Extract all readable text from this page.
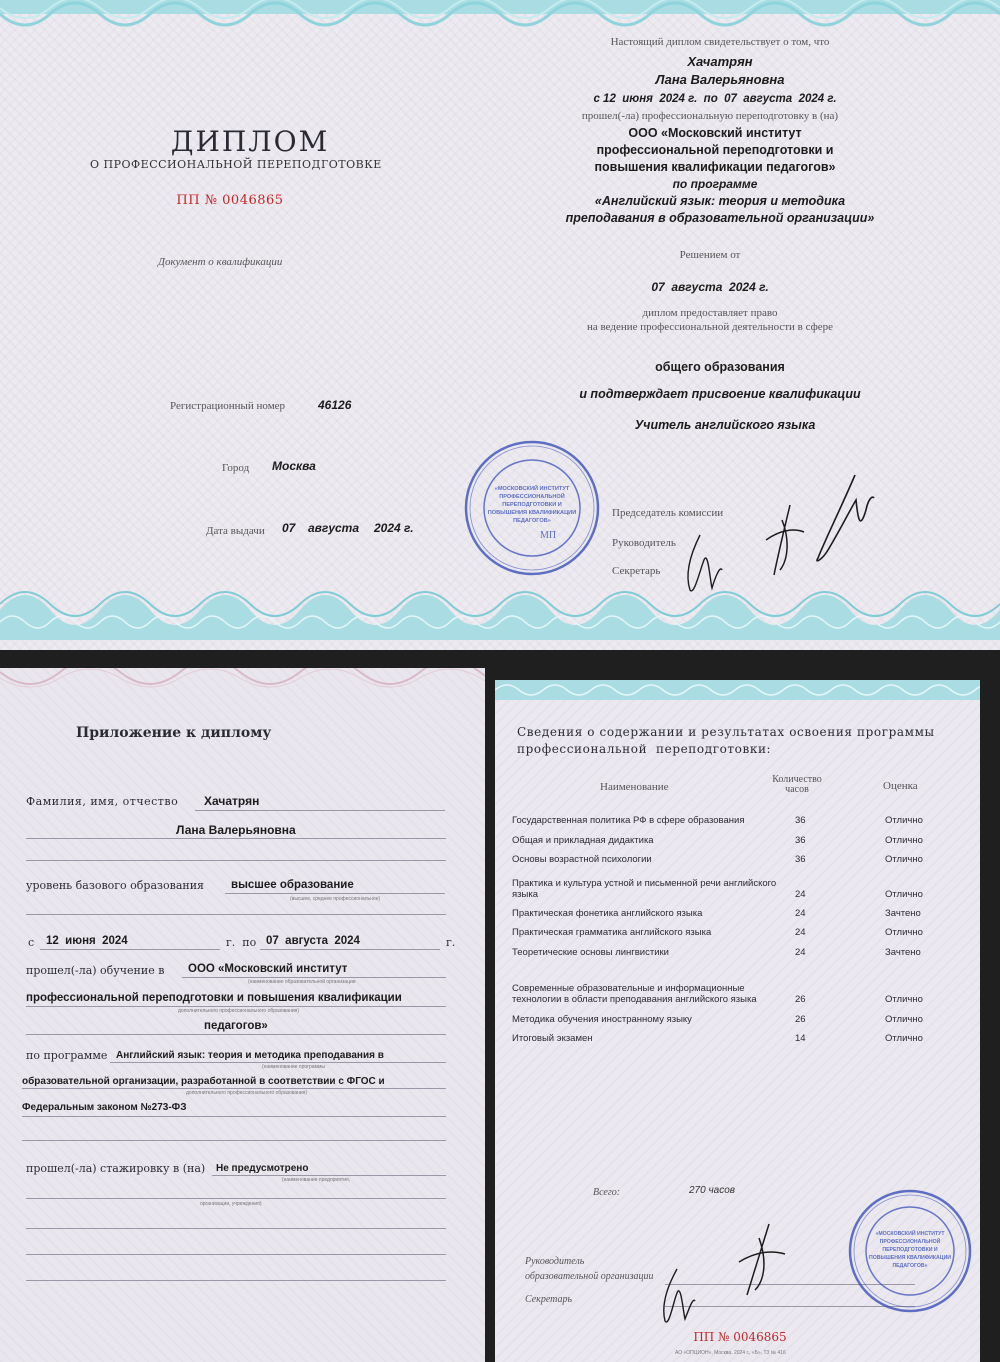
ДИПЛОМ
О ПРОФЕССИОНАЛЬНОЙ ПЕРЕПОДГОТОВКЕ
ПП № 0046865
Документ о квалификации
Регистрационный номер	46126
Город Москва
Дата выдачи 07 августа 2024 г.
Настоящий диплом свидетельствует о том, что
Хачатрян
Лана Валерьяновна
с 12  июня  2024 г.  по  07  августа  2024 г.
прошел(-ла) профессиональную переподготовку в (на)
ООО «Московский институт
профессиональной переподготовки и
повышения квалификации педагогов»
по программе
«Английский язык: теория и методика
преподавания в образовательной организации»
Решением от
07  августа  2024 г.
диплом предоставляет право
на ведение профессиональной деятельности в сфере
общего образования
и подтверждает присвоение квалификации
Учитель английского языка
«МОСКОВСКИЙ ИНСТИТУТ
ПРОФЕССИОНАЛЬНОЙ
ПЕРЕПОДГОТОВКИ И
ПОВЫШЕНИЯ КВАЛИФИКАЦИИ
ПЕДАГОГОВ»
МП
Председатель комиссии
Руководитель
Секретарь
Приложение к диплому
Фамилия, имя, отчество Хачатрян
Лана Валерьяновна
уровень базового образования высшее образование
(высшее, среднее профессиональное)
с 12  июня  2024	г.  по 07  августа  2024	г.
прошел(-ла) обучение в ООО «Московский институт
(наименование образовательной организации
профессиональной переподготовки и повышения квалификации
дополнительного профессионального образования)
педагогов»
по программе Английский язык: теория и методика преподавания в
(наименование программы
образовательной организации, разработанной в соответствии с ФГОС и
дополнительного профессионального образования)
Федеральным законом №273-ФЗ
прошел(-ла) стажировку в (на) Не предусмотрено
(наименование предприятия,
организации, учреждения)
Сведения о содержании и результатах освоения программы
профессиональной  переподготовки:
Наименование
Количество
часов	Оценка
Государственная политика РФ в сфере образования	36	Отлично
Общая и прикладная дидактика	36	Отлично
Основы возрастной психологии	36	Отлично
Практика и культура устной и письменной речи английского языка	24	Отлично
Практическая фонетика английского языка	24	Зачтено
Практическая грамматика английского языка	24	Отлично
Теоретические основы лингвистики	24	Зачтено
Современные образовательные и информационные технологии в области преподавания английского языка	26	Отлично
Методика обучения иностранному языку	26	Отлично
Итоговый экзамен	14	Отлично
Всего:	270 часов
Руководитель
образовательной организации
Секретарь
«МОСКОВСКИЙ ИНСТИТУТ
ПРОФЕССИОНАЛЬНОЙ
ПЕРЕПОДГОТОВКИ И
ПОВЫШЕНИЯ КВАЛИФИКАЦИИ
ПЕДАГОГОВ»
ПП № 0046865
АО «ОПЦИОН», Москва, 2024 г., «Б», Т3 № 416
